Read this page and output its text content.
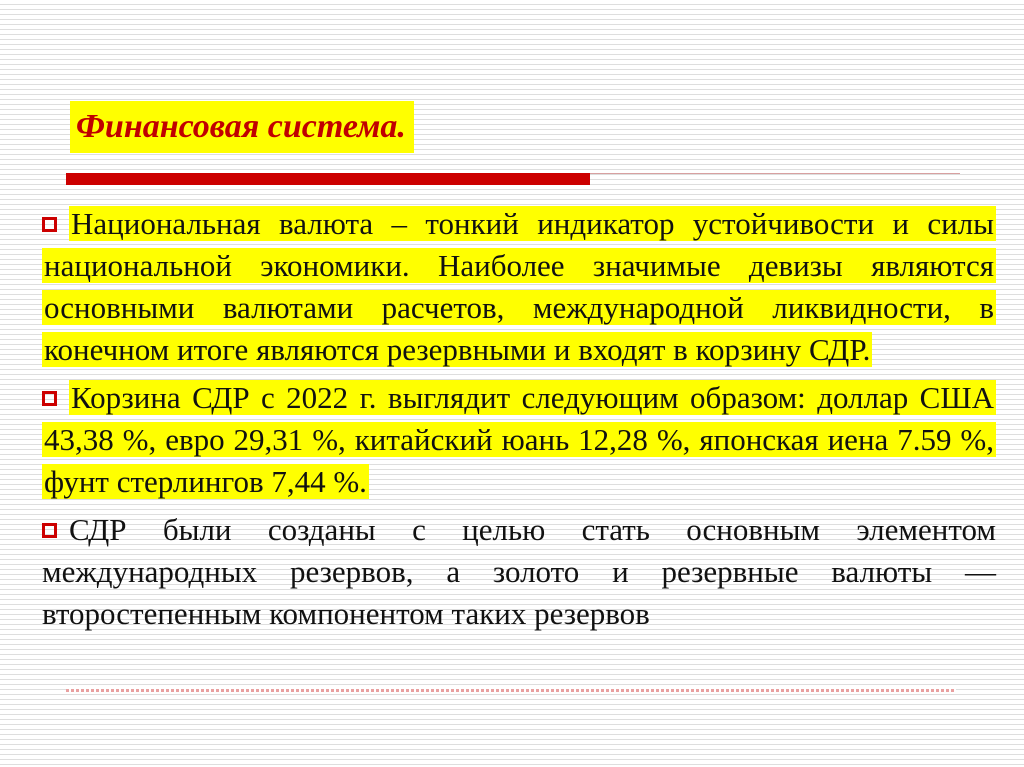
Финансовая система.
Национальная валюта – тонкий индикатор устойчивости и силы национальной экономики. Наиболее значимые девизы являются основными валютами расчетов, международной ликвидности, в конечном итоге являются резервными и входят в корзину СДР.
Корзина СДР с 2022 г. выглядит следующим образом: доллар США 43,38 %, евро 29,31 %, китайский юань 12,28 %, японская иена 7.59 %, фунт стерлингов 7,44 %.
СДР были созданы с целью стать основным элементом международных резервов, а золото и резервные валюты — второстепенным компонентом таких резервов
